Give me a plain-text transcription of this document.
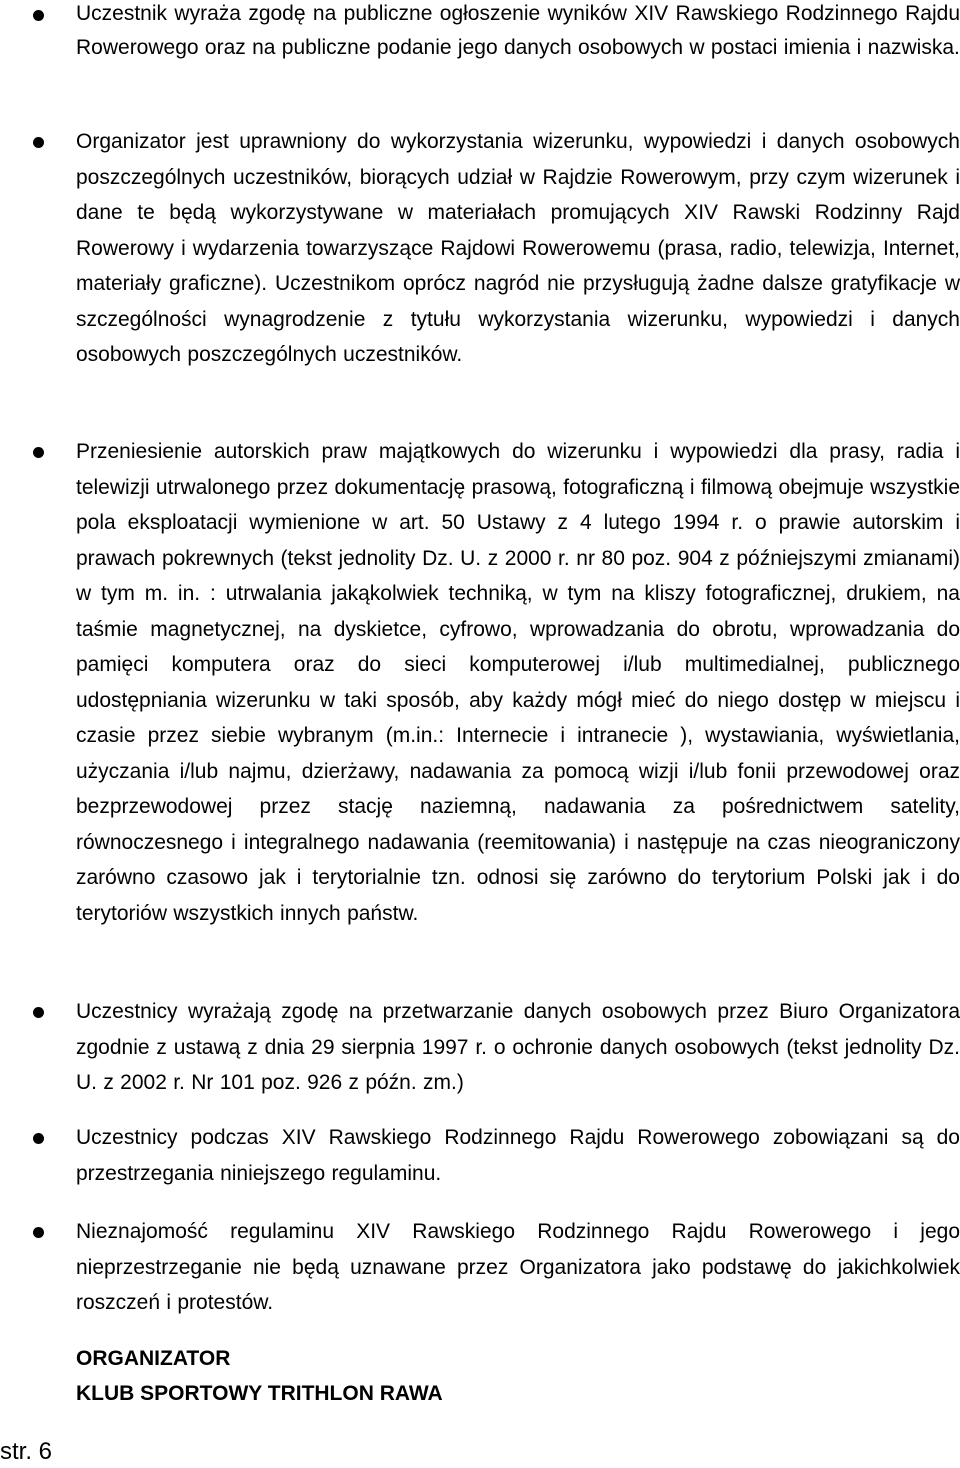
Uczestnik wyraża zgodę na publiczne ogłoszenie wyników XIV Rawskiego Rodzinnego Rajdu Rowerowego oraz na publiczne podanie jego danych osobowych w postaci imienia i nazwiska.

Organizator jest uprawniony do wykorzystania wizerunku, wypowiedzi i danych osobowych poszczególnych uczestników, biorących udział w Rajdzie Rowerowym, przy czym wizerunek i dane te będą wykorzystywane w materiałach promujących XIV Rawski Rodzinny Rajd Rowerowy i wydarzenia towarzyszące Rajdowi Rowerowemu (prasa, radio, telewizja, Internet, materiały graficzne). Uczestnikom oprócz nagród nie przysługują żadne dalsze gratyfikacje w szczególności wynagrodzenie z tytułu wykorzystania wizerunku, wypowiedzi i danych osobowych poszczególnych uczestników.

Przeniesienie autorskich praw majątkowych do wizerunku i wypowiedzi dla prasy, radia i telewizji utrwalonego przez dokumentację prasową, fotograficzną i filmową obejmuje wszystkie pola eksploatacji wymienione w art. 50 Ustawy z 4 lutego 1994 r. o prawie autorskim i prawach pokrewnych (tekst jednolity Dz. U. z 2000 r. nr 80 poz. 904 z późniejszymi zmianami) w tym m. in. : utrwalania jakąkolwiek techniką, w tym na kliszy fotograficznej, drukiem, na taśmie magnetycznej, na dyskietce, cyfrowo, wprowadzania do obrotu, wprowadzania do pamięci komputera oraz do sieci komputerowej i/lub multimedialnej, publicznego udostępniania wizerunku w taki sposób, aby każdy mógł mieć do niego dostęp w miejscu i czasie przez siebie wybranym (m.in.: Internecie i intranecie ), wystawiania, wyświetlania, użyczania i/lub najmu, dzierżawy, nadawania za pomocą wizji i/lub fonii przewodowej oraz bezprzewodowej przez stację naziemną, nadawania za pośrednictwem satelity, równoczesnego i integralnego nadawania (reemitowania) i następuje na czas nieograniczony zarówno czasowo jak i terytorialnie tzn. odnosi się zarówno do terytorium Polski jak i do terytoriów wszystkich innych państw.

Uczestnicy wyrażają zgodę na przetwarzanie danych osobowych przez Biuro Organizatora zgodnie z ustawą z dnia 29 sierpnia 1997 r. o ochronie danych osobowych (tekst jednolity Dz. U. z 2002 r. Nr 101 poz. 926 z późn. zm.)

Uczestnicy podczas XIV Rawskiego Rodzinnego Rajdu Rowerowego zobowiązani są do przestrzegania niniejszego regulaminu.

Nieznajomość regulaminu XIV Rawskiego Rodzinnego Rajdu Rowerowego i jego nieprzestrzeganie nie będą uznawane przez Organizatora jako podstawę do jakichkolwiek roszczeń i protestów.

ORGANIZATOR
KLUB SPORTOWY TRITHLON RAWA
str. 6
